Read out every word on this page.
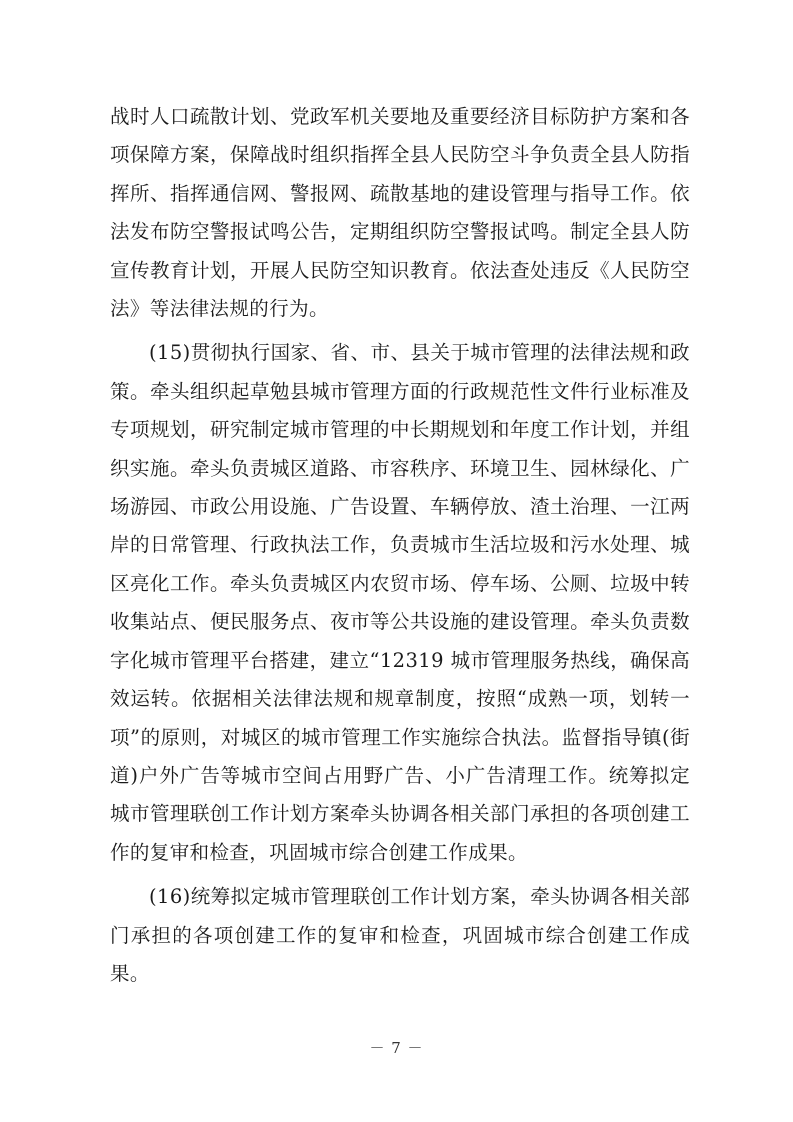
战时人口疏散计划、党政军机关要地及重要经济目标防护方案和各项保障方案，保障战时组织指挥全县人民防空斗争负责全县人防指挥所、指挥通信网、警报网、疏散基地的建设管理与指导工作。依法发布防空警报试鸣公告，定期组织防空警报试鸣。制定全县人防宣传教育计划，开展人民防空知识教育。依法查处违反《人民防空法》等法律法规的行为。

(15)贯彻执行国家、省、市、县关于城市管理的法律法规和政策。牵头组织起草勉县城市管理方面的行政规范性文件行业标准及专项规划，研究制定城市管理的中长期规划和年度工作计划，并组织实施。牵头负责城区道路、市容秩序、环境卫生、园林绿化、广场游园、市政公用设施、广告设置、车辆停放、渣土治理、一江两岸的日常管理、行政执法工作，负责城市生活垃圾和污水处理、城区亮化工作。牵头负责城区内农贸市场、停车场、公厕、垃圾中转收集站点、便民服务点、夜市等公共设施的建设管理。牵头负责数字化城市管理平台搭建，建立“12319 城市管理服务热线，确保高效运转。依据相关法律法规和规章制度，按照“成熟一项，划转一项”的原则，对城区的城市管理工作实施综合执法。监督指导镇(街道)户外广告等城市空间占用野广告、小广告清理工作。统筹拟定城市管理联创工作计划方案牵头协调各相关部门承担的各项创建工作的复审和检查，巩固城市综合创建工作成果。

(16)统筹拟定城市管理联创工作计划方案，牵头协调各相关部门承担的各项创建工作的复审和检查，巩固城市综合创建工作成果。

－ 7 －
